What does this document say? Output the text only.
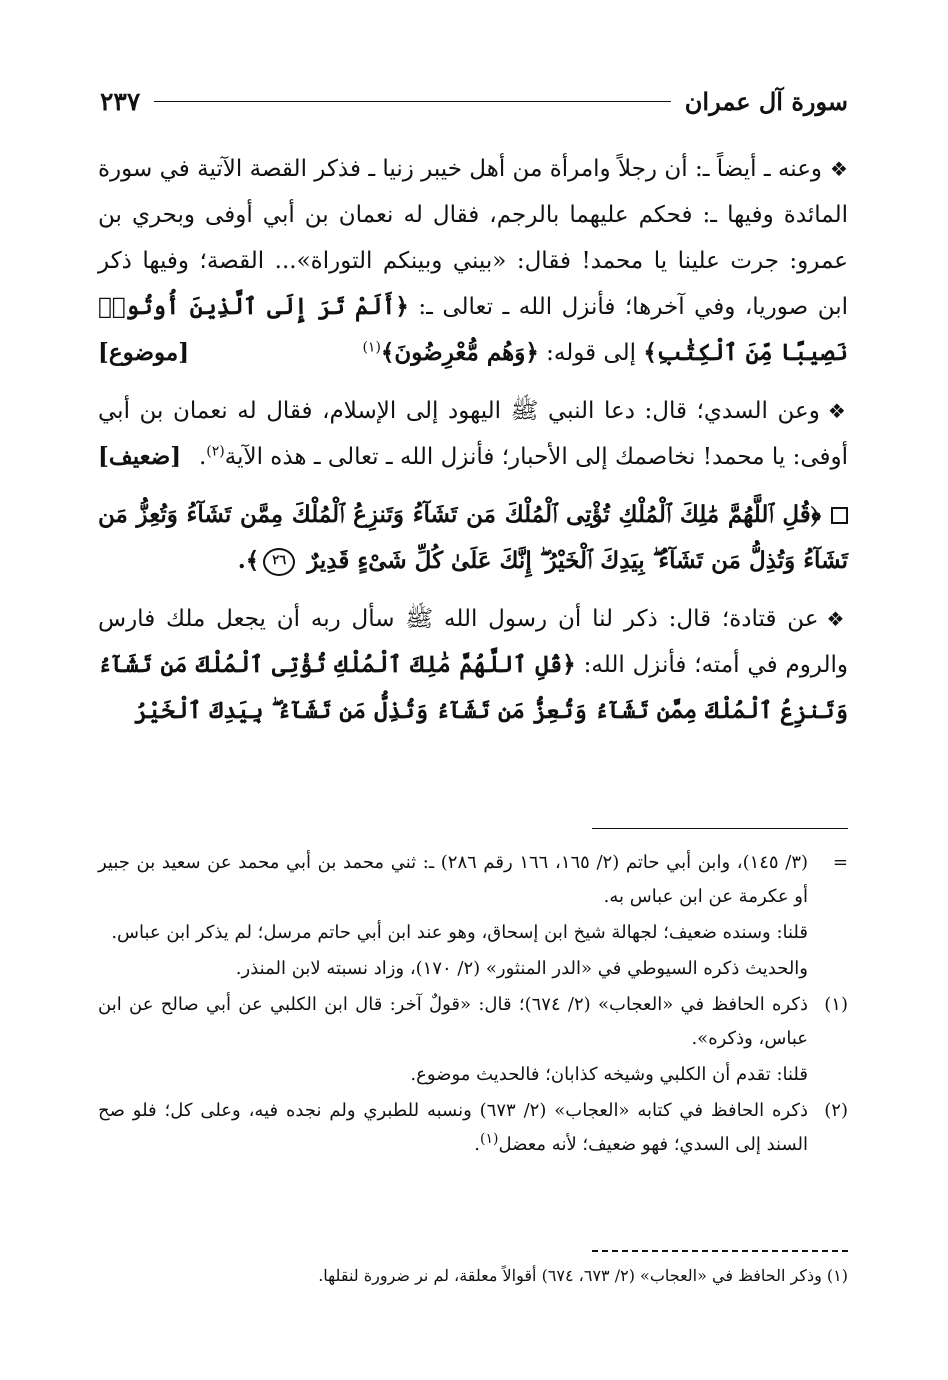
سورة آل عمران
٢٣٧

❖وعنه ـ أيضاً ـ: أن رجلاً وامرأة من أهل خيبر زنيا ـ فذكر القصة الآتية في سورة المائدة وفيها ـ: فحكم عليهما بالرجم، فقال له نعمان بن أبي أوفى وبحري بن عمرو: جرت علينا يا محمد! فقال: «بيني وبينكم التوراة»... القصة؛ وفيها ذكر ابن صوريا، وفي آخرها؛ فأنزل الله ـ تعالى ـ: ﴿أَلَمْ تَرَ إِلَى ٱلَّذِينَ أُوتُوا۟ نَصِيبًا مِّنَ ٱلْكِتَٰبِ﴾ إلى قوله: ﴿وَهُم مُّعْرِضُونَ﴾$^{(١)}$
[موضوع]

❖وعن السدي؛ قال: دعا النبي ﷺ اليهود إلى الإسلام، فقال له نعمان بن أبي أوفى: يا محمد! نخاصمك إلى الأحبار؛ فأنزل الله ـ تعالى ـ هذه الآية$^{(٢)}$.
[ضعيف]

﴿قُلِ ٱللَّهُمَّ مَٰلِكَ ٱلْمُلْكِ تُؤْتِى ٱلْمُلْكَ مَن تَشَآءُ وَتَنزِعُ ٱلْمُلْكَ مِمَّن تَشَآءُ وَتُعِزُّ مَن تَشَآءُ وَتُذِلُّ مَن تَشَآءُ ۖ بِيَدِكَ ٱلْخَيْرُ ۖ إِنَّكَ عَلَىٰ كُلِّ شَىْءٍ قَدِيرٌ ٢٦﴾.

❖عن قتادة؛ قال: ذكر لنا أن رسول الله ﷺ سأل ربه أن يجعل ملك فارس والروم في أمته؛ فأنزل الله: ﴿قُلِ ٱللَّهُمَّ مَٰلِكَ ٱلْمُلْكِ تُؤْتِى ٱلْمُلْكَ مَن تَشَآءُ وَتَنزِعُ ٱلْمُلْكَ مِمَّن تَشَآءُ وَتُعِزُّ مَن تَشَآءُ وَتُذِلُّ مَن تَشَآءُ ۖ بِيَدِكَ ٱلْخَيْرُ

=
(٣/ ١٤٥)، وابن أبي حاتم (٢/ ١٦٥، ١٦٦ رقم ٢٨٦) ـ: ثني محمد بن أبي محمد عن سعيد بن جبير أو عكرمة عن ابن عباس به.
قلنا: وسنده ضعيف؛ لجهالة شيخ ابن إسحاق، وهو عند ابن أبي حاتم مرسل؛ لم يذكر ابن عباس.
والحديث ذكره السيوطي في «الدر المنثور» (٢/ ١٧٠)، وزاد نسبته لابن المنذر.
(١)
ذكره الحافظ في «العجاب» (٢/ ٦٧٤)؛ قال: «قولٌ آخر: قال ابن الكلبي عن أبي صالح عن ابن عباس، وذكره».
قلنا: تقدم أن الكلبي وشيخه كذابان؛ فالحديث موضوع.
(٢)
ذكره الحافظ في كتابه «العجاب» (٢/ ٦٧٣) ونسبه للطبري ولم نجده فيه، وعلى كل؛ فلو صح السند إلى السدي؛ فهو ضعيف؛ لأنه معضل$^{(١)}$.
(١) وذكر الحافظ في «العجاب» (٢/ ٦٧٣، ٦٧٤) أقوالاً معلقة، لم نر ضرورة لنقلها.
